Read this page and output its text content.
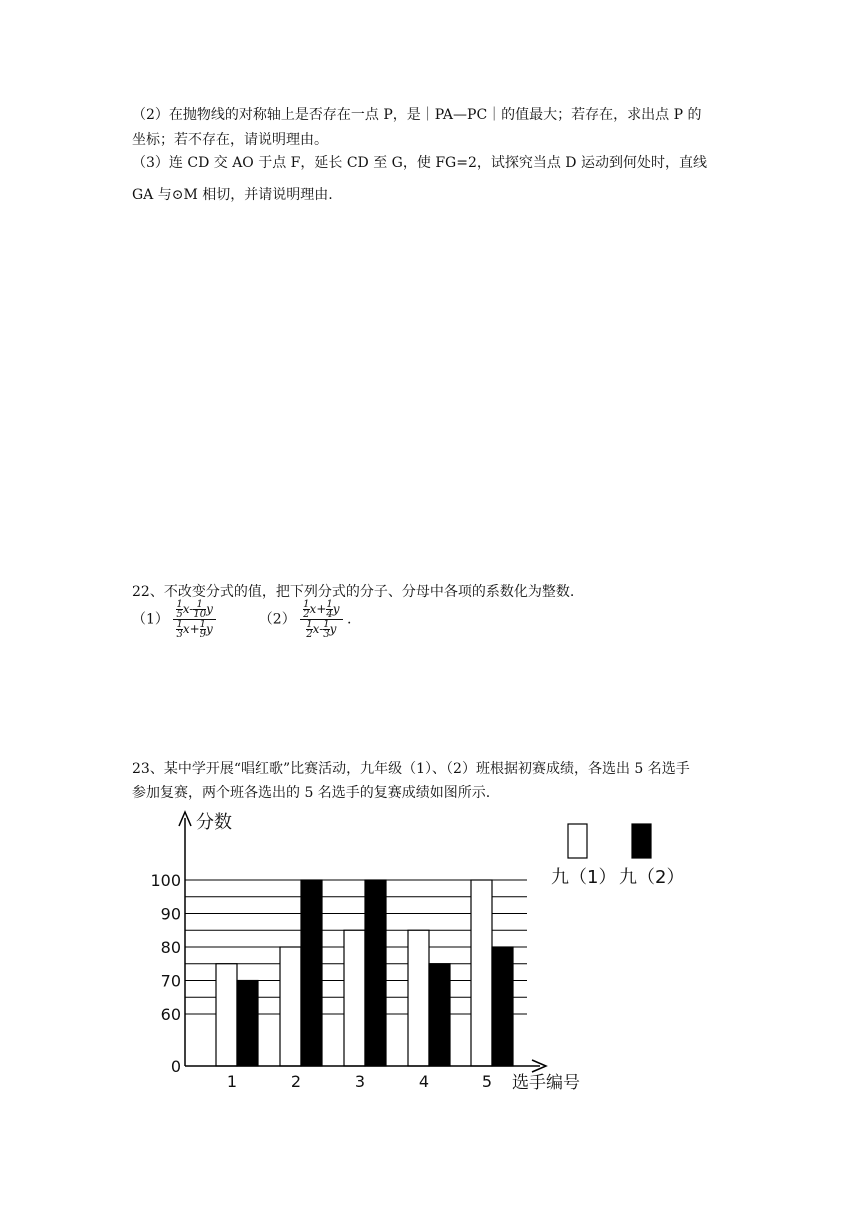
（2）在抛物线的对称轴上是否存在一点 P，是｜PA—PC｜的值最大；若存在，求出点 P 的
坐标；若不存在，请说明理由。
（3）连 CD 交 AO 于点 F，延长 CD 至 G，使 FG=2，试探究当点 D 运动到何处时，直线
GA 与⊙M 相切，并请说明理由.
22、不改变分式的值，把下列分式的分子、分母中各项的系数化为整数.
$(1) \frac{\frac{1}{5} x- \frac{1}{10} y}{\frac{1}{3} x+ \frac{1}{9} y}$	$(2) \frac{\frac{1}{2} x+ \frac{1}{4} y}{\frac{1}{2} x- \frac{1}{3} y}$ .
23、某中学开展“唱红歌”比赛活动，九年级（1）、（2）班根据初赛成绩，各选出 5 名选手
参加复赛，两个班各选出的 5 名选手的复赛成绩如图所示.
0
60
70
80
90
100
分数
选手编号
1	2	3	4	5
九（1） 九（2）
